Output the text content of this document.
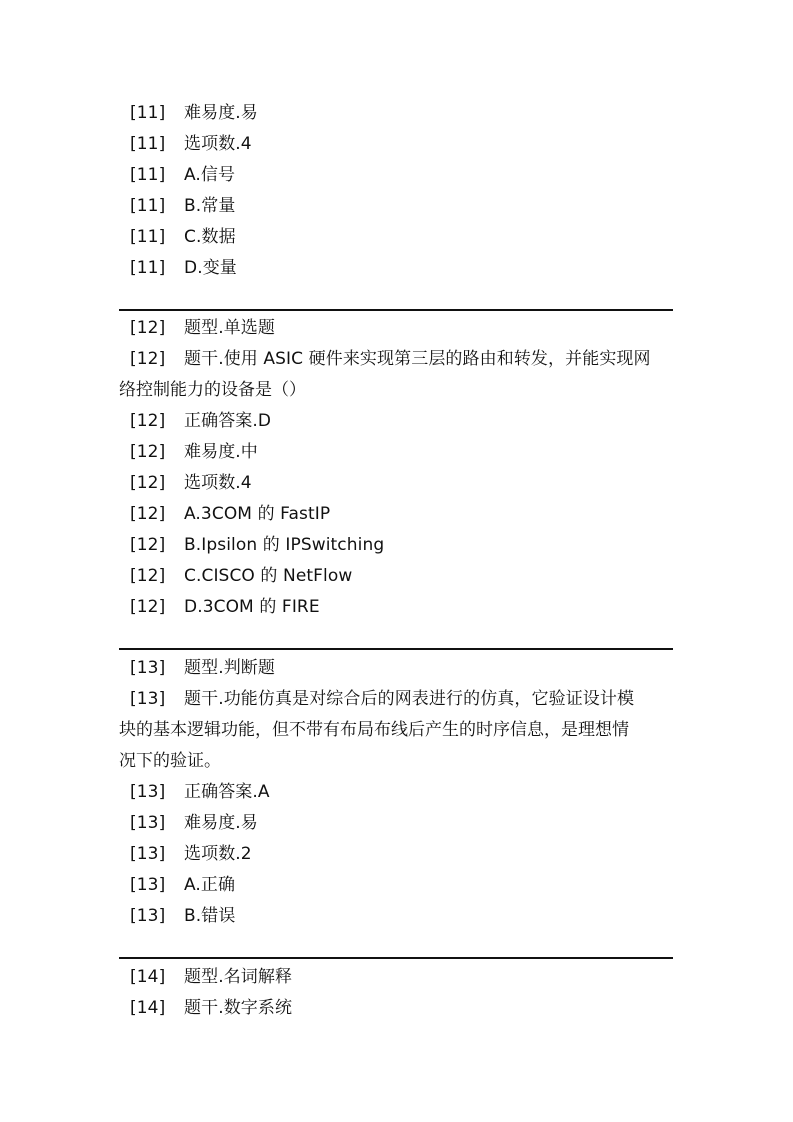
[11] 难易度.易
[11] 选项数.4
[11] A.信号
[11] B.常量
[11] C.数据
[11] D.变量
[12] 题型.单选题
[12] 题干.使用 ASIC 硬件来实现第三层的路由和转发，并能实现网
络控制能力的设备是（）
[12] 正确答案.D
[12] 难易度.中
[12] 选项数.4
[12] A.3COM 的 FastIP
[12] B.Ipsilon 的 IPSwitching
[12] C.CISCO 的 NetFlow
[12] D.3COM 的 FIRE
[13] 题型.判断题
[13] 题干.功能仿真是对综合后的网表进行的仿真，它验证设计模
块的基本逻辑功能，但不带有布局布线后产生的时序信息，是理想情
况下的验证。
[13] 正确答案.A
[13] 难易度.易
[13] 选项数.2
[13] A.正确
[13] B.错误
[14] 题型.名词解释
[14] 题干.数字系统
